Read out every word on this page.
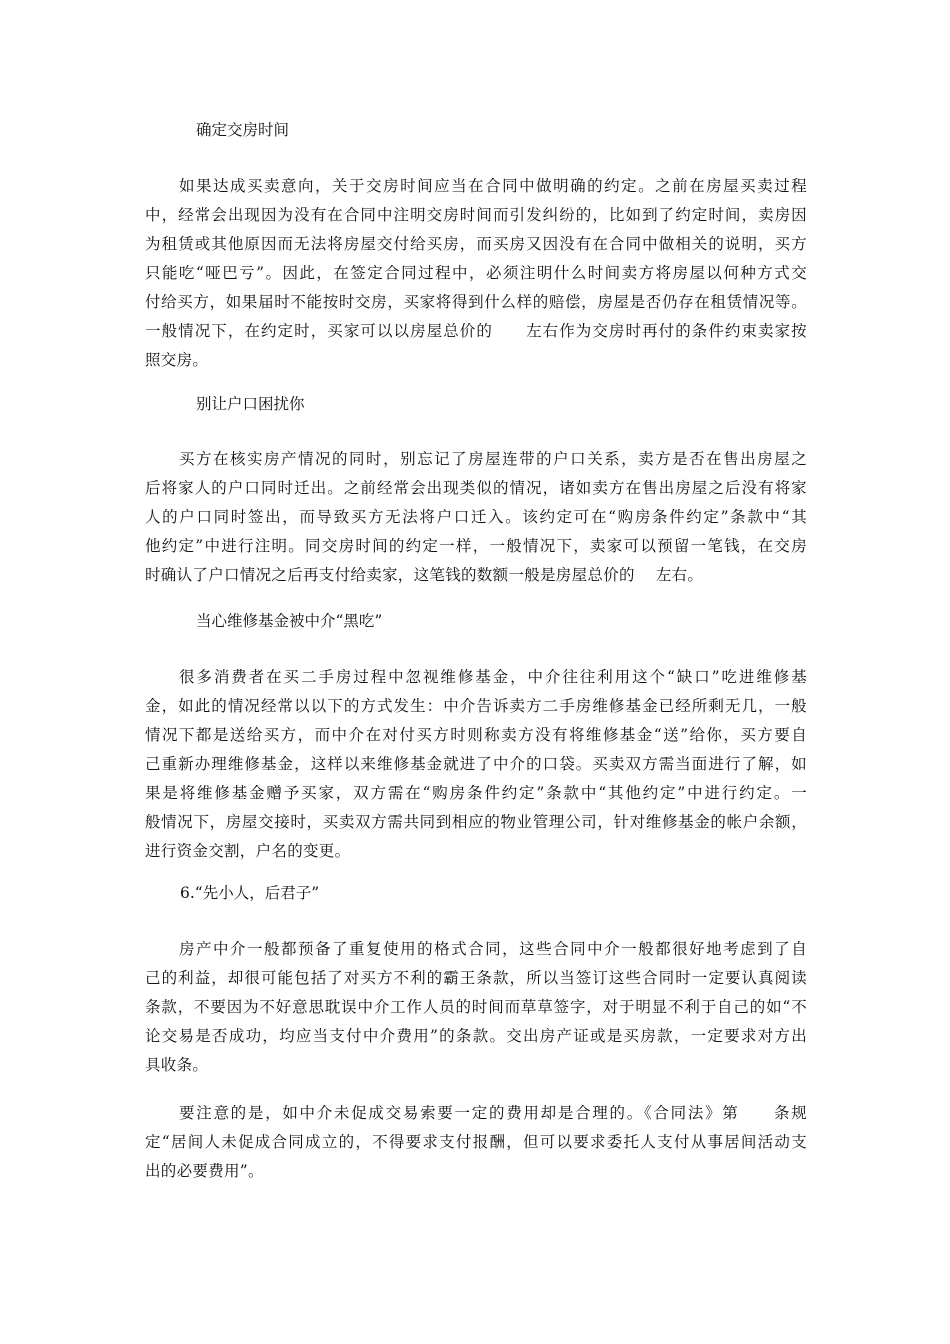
确定交房时间

如果达成买卖意向，关于交房时间应当在合同中做明确的约定。之前在房屋买卖过程
中，经常会出现因为没有在合同中注明交房时间而引发纠纷的，比如到了约定时间，卖房因
为租赁或其他原因而无法将房屋交付给买房，而买房又因没有在合同中做相关的说明，买方
只能吃“哑巴亏”。因此，在签定合同过程中，必须注明什么时间卖方将房屋以何种方式交
付给买方，如果届时不能按时交房，买家将得到什么样的赔偿，房屋是否仍存在租赁情况等。
一般情况下，在约定时，买家可以以房屋总价的　　左右作为交房时再付的条件约束卖家按
照交房。

别让户口困扰你

买方在核实房产情况的同时，别忘记了房屋连带的户口关系，卖方是否在售出房屋之
后将家人的户口同时迁出。之前经常会出现类似的情况，诸如卖方在售出房屋之后没有将家
人的户口同时签出，而导致买方无法将户口迁入。该约定可在“购房条件约定”条款中“其
他约定”中进行注明。同交房时间的约定一样，一般情况下，卖家可以预留一笔钱，在交房
时确认了户口情况之后再支付给卖家，这笔钱的数额一般是房屋总价的　 左右。

当心维修基金被中介“黑吃”

很多消费者在买二手房过程中忽视维修基金，中介往往利用这个“缺口”吃进维修基
金，如此的情况经常以以下的方式发生：中介告诉卖方二手房维修基金已经所剩无几，一般
情况下都是送给买方，而中介在对付买方时则称卖方没有将维修基金“送”给你，买方要自
己重新办理维修基金，这样以来维修基金就进了中介的口袋。买卖双方需当面进行了解，如
果是将维修基金赠予买家，双方需在“购房条件约定”条款中“其他约定”中进行约定。一
般情况下，房屋交接时，买卖双方需共同到相应的物业管理公司，针对维修基金的帐户余额，
进行资金交割，户名的变更。

6.“先小人，后君子”

房产中介一般都预备了重复使用的格式合同，这些合同中介一般都很好地考虑到了自
己的利益，却很可能包括了对买方不利的霸王条款，所以当签订这些合同时一定要认真阅读
条款，不要因为不好意思耽误中介工作人员的时间而草草签字，对于明显不利于自己的如“不
论交易是否成功，均应当支付中介费用”的条款。交出房产证或是买房款，一定要求对方出
具收条。
要注意的是，如中介未促成交易索要一定的费用却是合理的。《合同法》第　　条规
定“居间人未促成合同成立的，不得要求支付报酬，但可以要求委托人支付从事居间活动支
出的必要费用”。
